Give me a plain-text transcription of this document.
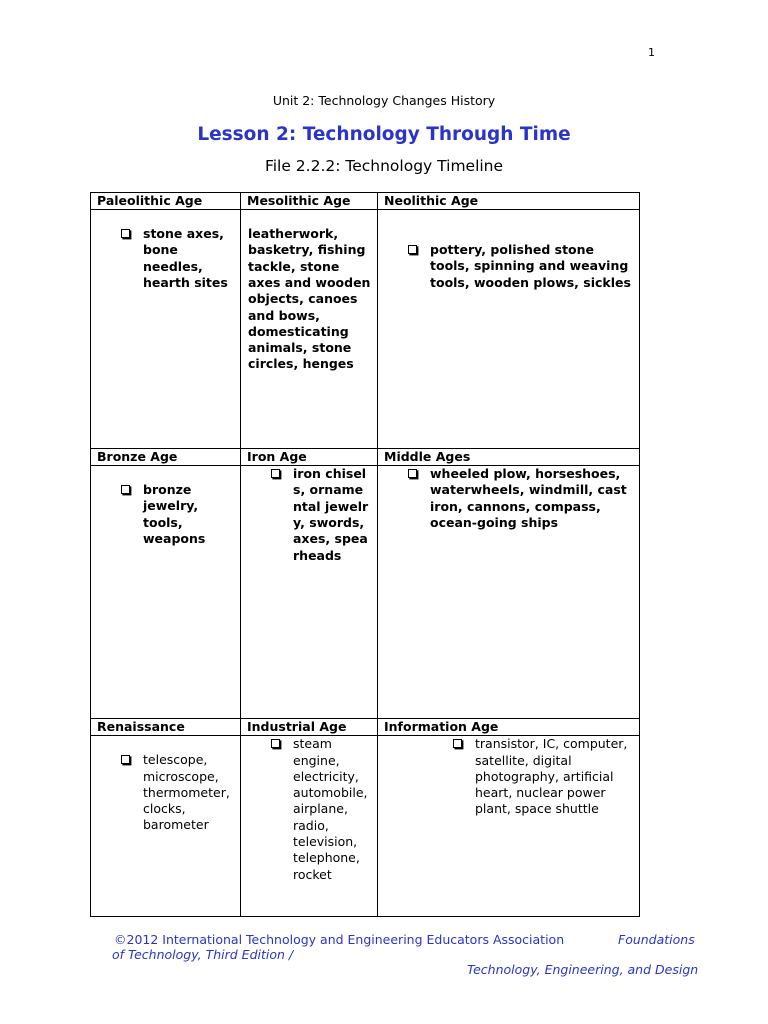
1
Unit 2: Technology Changes History
Lesson 2: Technology Through Time
File 2.2.2: Technology Timeline
Paleolithic Age	Mesolithic Age	Neolithic Age

stone axes, bone needles, hearth sites	leatherwork, basketry, fishing tackle, stone axes and wooden objects, canoes and bows, domesticating animals, stone circles, henges	pottery, polished stone tools, spinning and weaving tools, wooden plows, sickles

Bronze Age	Iron Age	Middle Ages

bronze jewelry, tools, weapons	iron chisels, ornamental jewelry, swords, axes, spearheads	wheeled plow, horseshoes, waterwheels, windmill, cast iron, cannons, compass, ocean-going ships

Renaissance	Industrial Age	Information Age

telescope, microscope, thermometer, clocks, barometer	steam engine, electricity, automobile, airplane, radio, television, telephone, rocket	transistor, IC, computer, satellite, digital photography, artificial heart, nuclear power plant, space shuttle
©2012 International Technology and Engineering Educators Association	Foundations
of Technology, Third Edition /
Technology, Engineering, and Design
